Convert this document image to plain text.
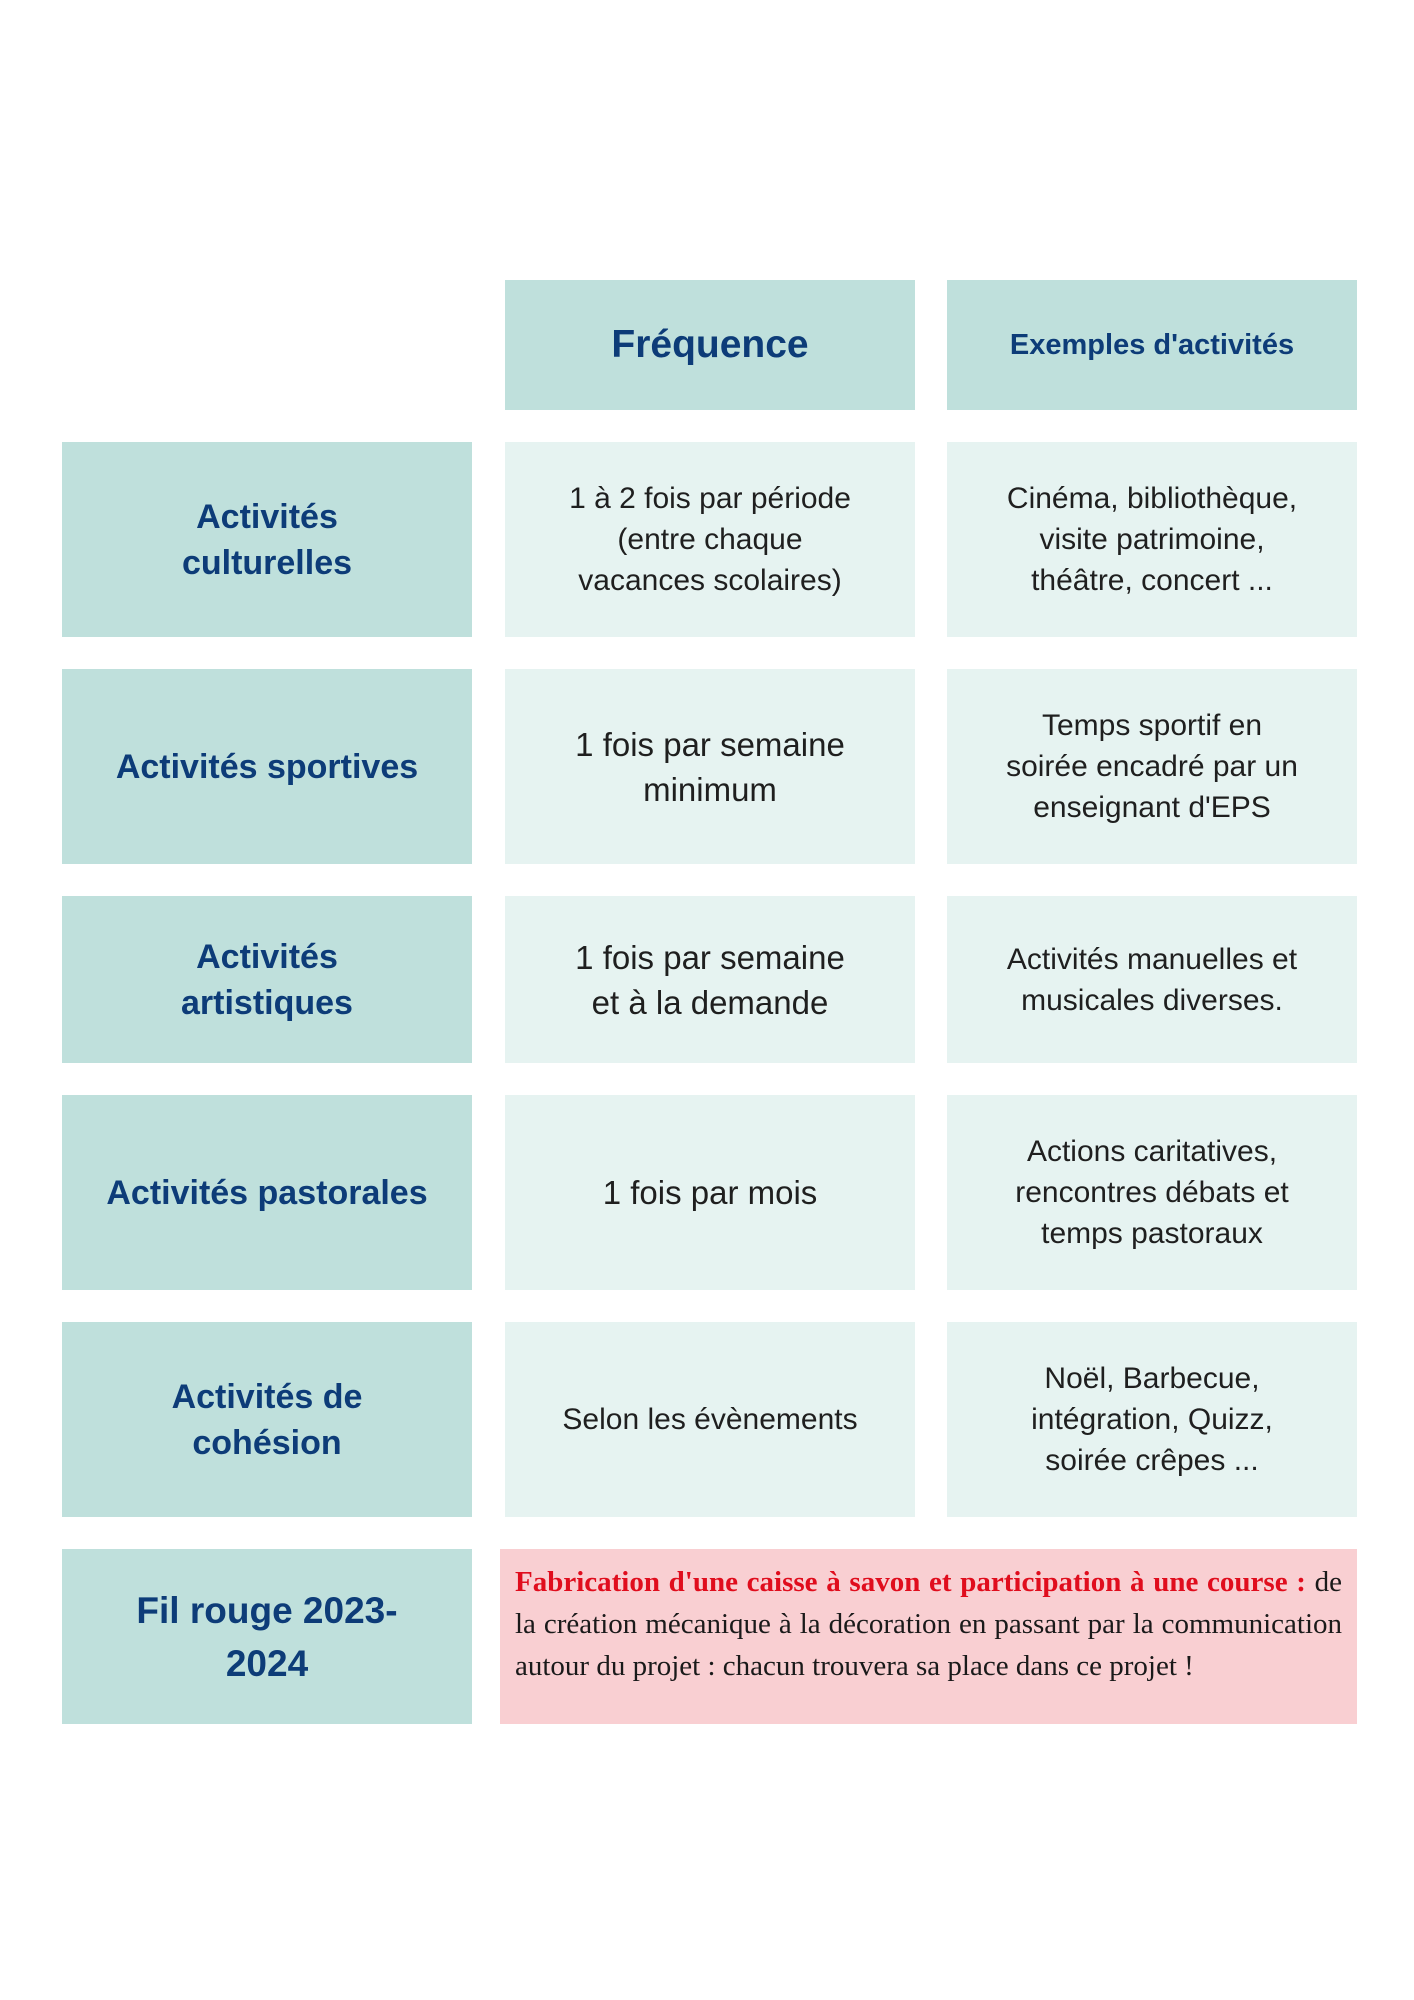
Fréquence	Exemples d'activités
Activités
culturelles
1 à 2 fois par période
(entre chaque
vacances scolaires)
Cinéma, bibliothèque,
visite patrimoine,
théâtre, concert ...
Activités sportives
1 fois par semaine
minimum
Temps sportif en
soirée encadré par un
enseignant d'EPS
Activités
artistiques
1 fois par semaine
et à la demande
Activités manuelles et
musicales diverses.
Activités pastorales	1 fois par mois
Actions caritatives,
rencontres débats et
temps pastoraux
Activités de
cohésion
Selon les évènements
Noël, Barbecue,
intégration, Quizz,
soirée crêpes ...
Fil rouge 2023-
2024
Fabrication d'une caisse à savon et participation à une course : de la création mécanique à la décoration en passant par la communication autour du projet : chacun trouvera sa place dans ce projet !
